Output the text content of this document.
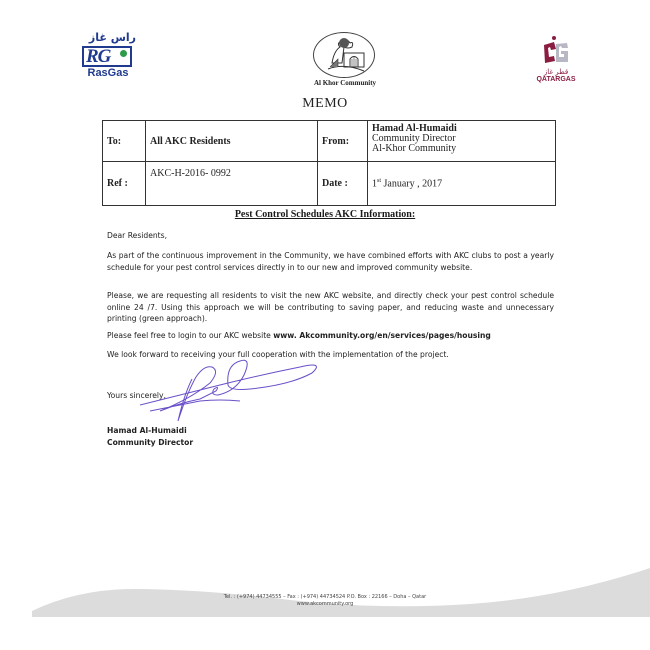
راس غاز
RG
RasGas
Al Khor Community
قطر غاز
QATARGAS
MEMO
To:	All AKC Residents	From:	Hamad Al-Humaidi
Community Director
Al-Khor Community

Ref :	AKC-H-2016- 0992	Date :	1st January , 2017
Pest Control Schedules AKC Information:
Dear Residents,

As part of the continuous improvement in the Community, we have combined efforts with AKC clubs to post a yearly schedule for your pest control services directly in to our new and improved community website.

Please, we are requesting all residents to visit the new AKC website, and directly check your pest control schedule online 24 /7. Using this approach we will be contributing to saving paper, and reducing waste and unnecessary printing (green approach).

Please feel free to login to our AKC website www. Akcommunity.org/en/services/pages/housing

We look forward to receiving your full cooperation with the implementation of the project.

Yours sincerely,
Hamad Al-Humaidi
Community Director
Tel. : (+974) 44734555 – Fax : (+974) 44734524 P.O. Box : 22166 – Doha – Qatar
www.akcommunity.org
